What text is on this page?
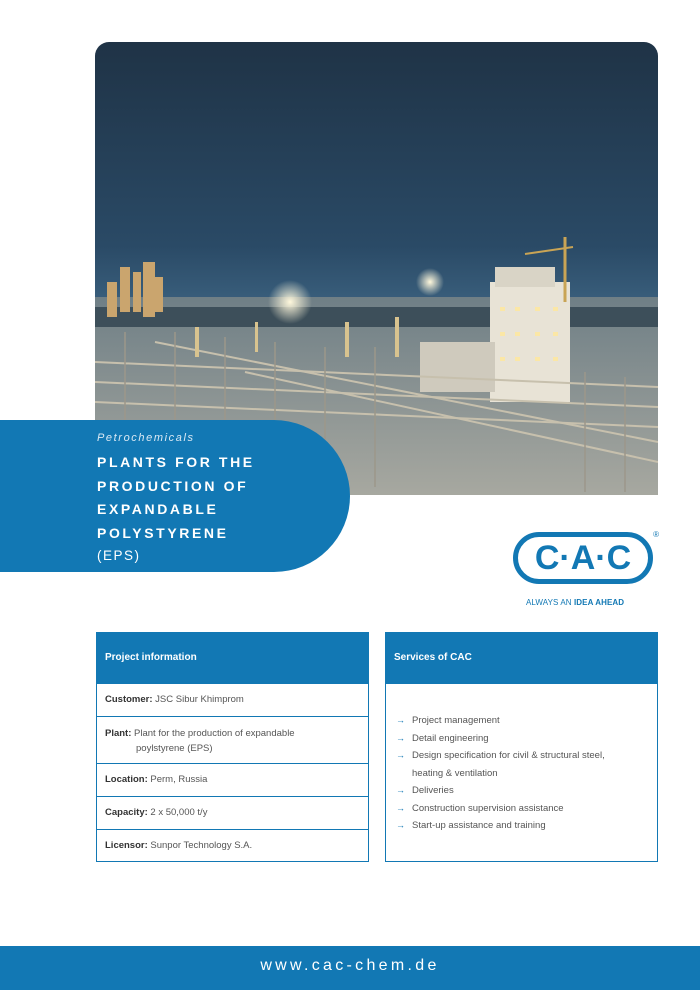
Petrochemicals
PLANTS FOR THE
PRODUCTION OF
EXPANDABLE
POLYSTYRENE
(EPS)	C·A·C
®
ALWAYS AN IDEA AHEAD
Project information
Customer: JSC Sibur Khimprom
Plant: Plant for the production of expandable
poylstyrene (EPS)
Location: Perm, Russia
Capacity: 2 x 50,000 t/y
Licensor: Sunpor Technology S.A.
Services of CAC
→ Project management
→ Detail engineering
→ Design specification for civil & structural steel,
heating & ventilation
→ Deliveries
→ Construction supervision assistance
→ Start-up assistance and training
www.cac-chem.de
